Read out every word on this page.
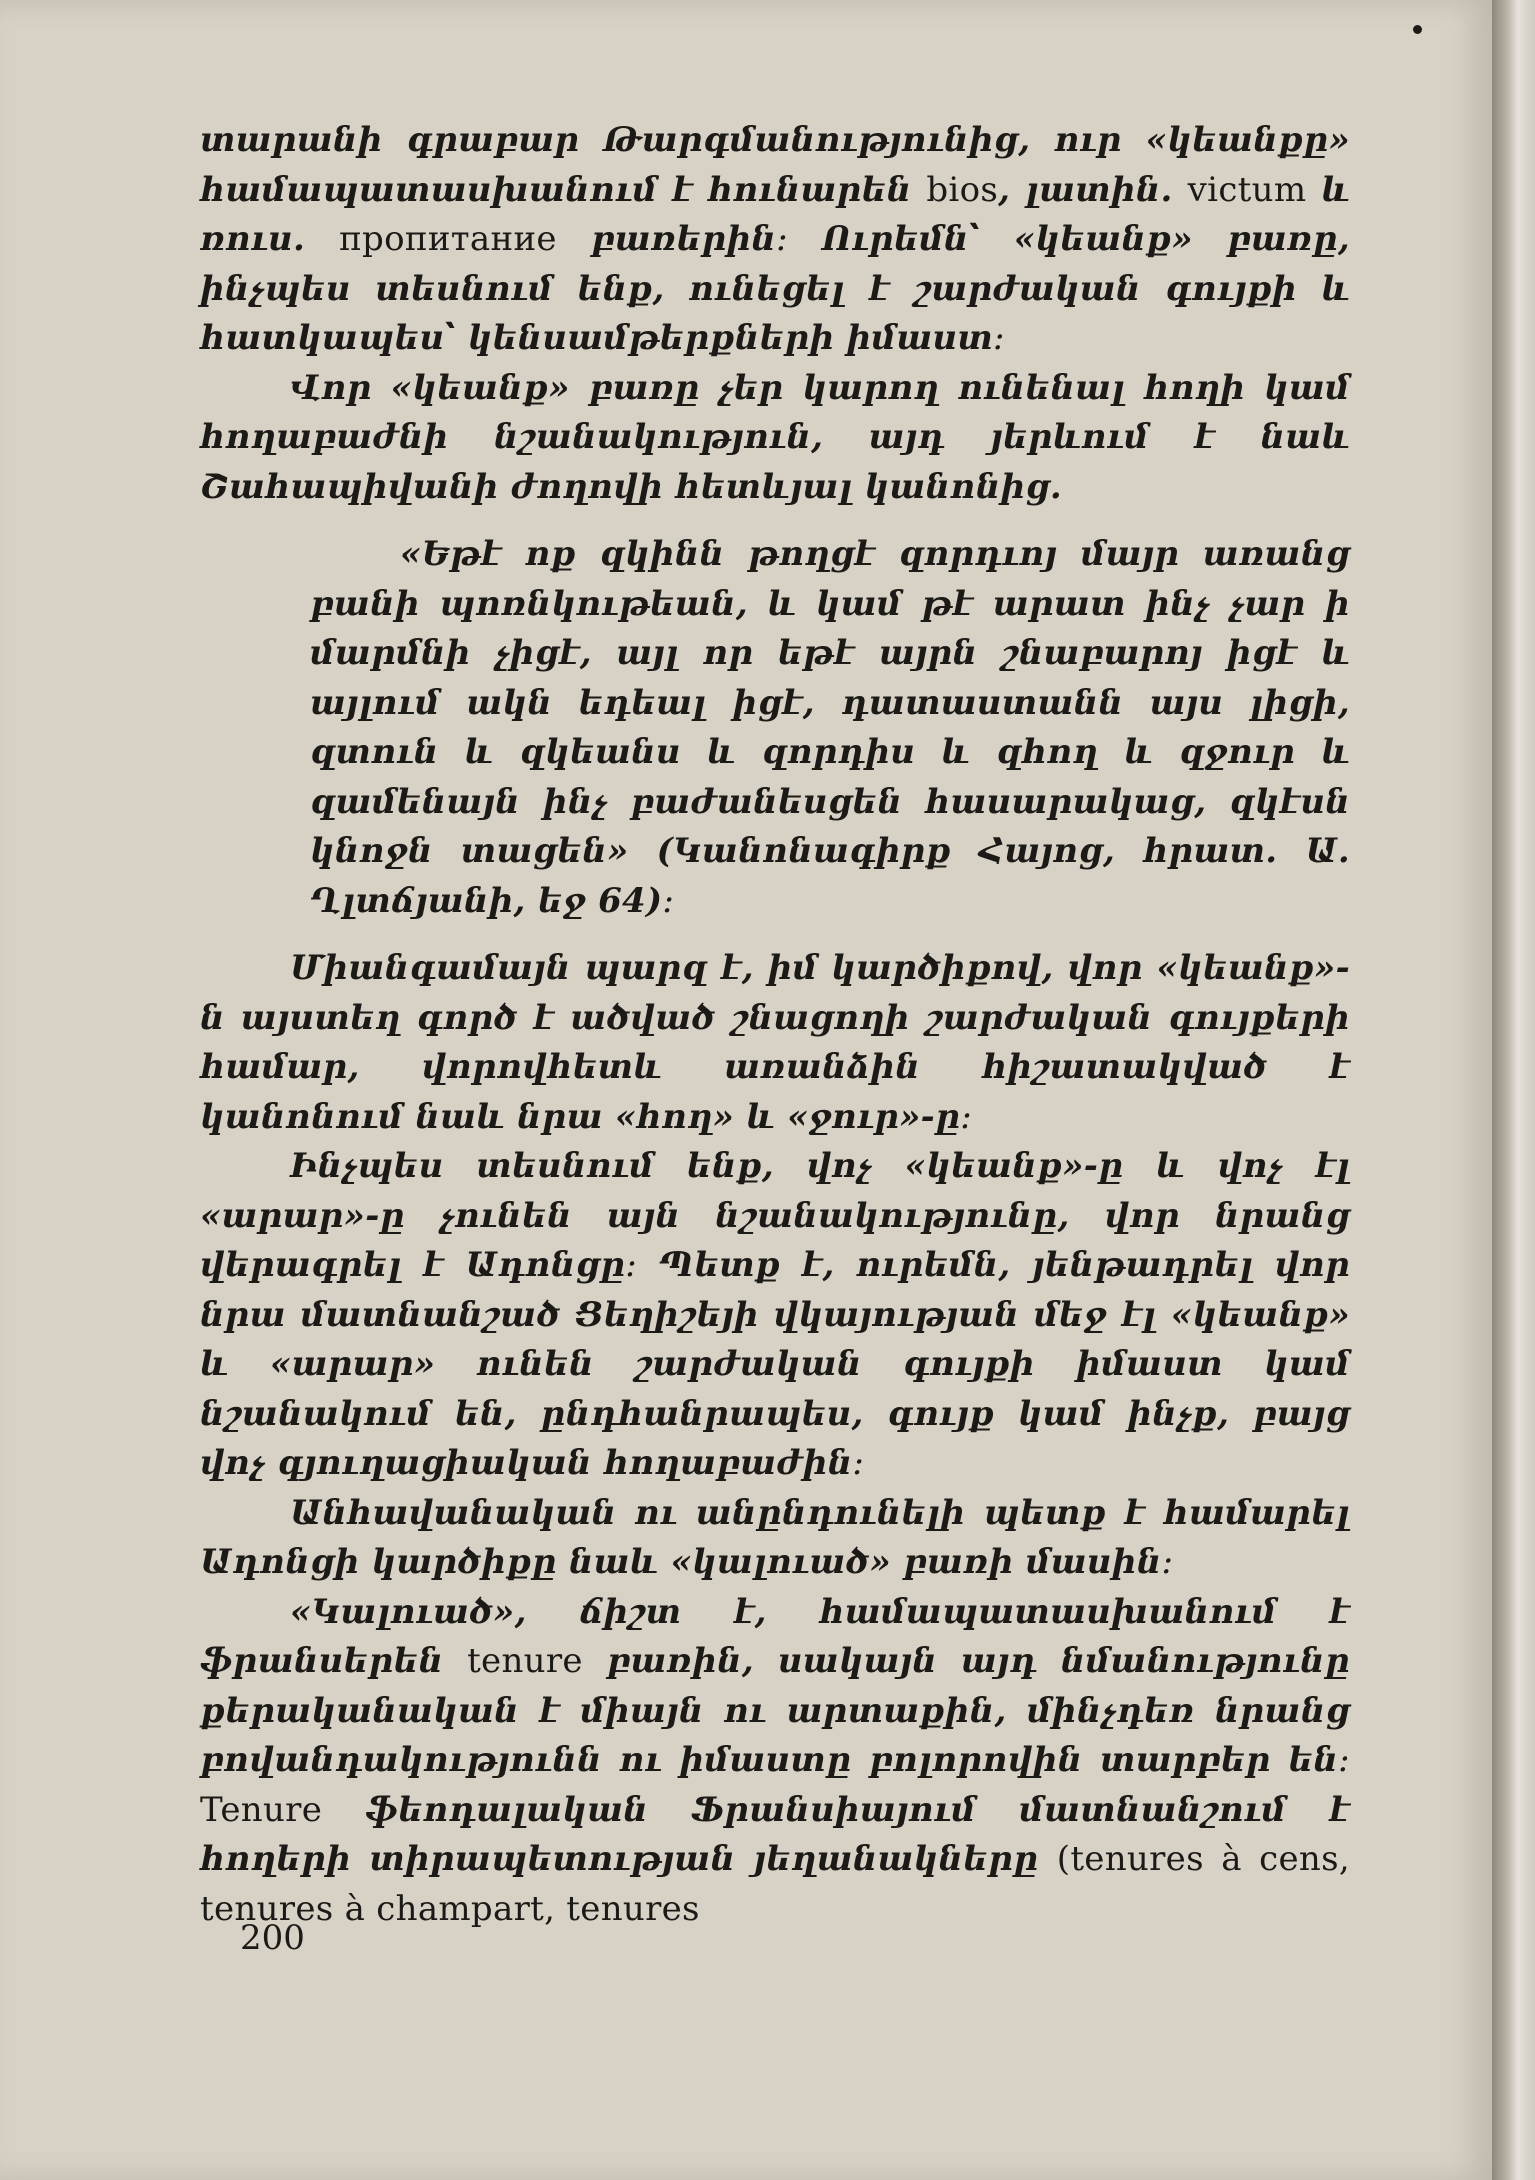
տարանի գրաբար Թարգմանությունից, ուր «կեանքը» համապատասխանում է հունարեն bios, լատին. victum և ռուս. пропитание բառերին։ Ուրեմն՝ «կեանք» բառը, ինչպես տեսնում ենք, ունեցել է շարժական գույքի և հատկապես՝ կենսամթերքների իմաստ։

Վոր «կեանք» բառը չեր կարող ունենալ հողի կամ հողաբաժնի նշանակություն, այդ յերևում է նաև Շահապիվանի ժողովի հետևյալ կանոնից.

«Եթէ ոք զկինն թողցէ զորդւոյ մայր առանց բանի պոռնկութեան, և կամ թէ արատ ինչ չար ի մարմնի չիցէ, այլ որ եթէ այրն շնաբարոյ իցէ և այլում ակն եդեալ իցէ, դատաստանն այս լիցի, զտուն և զկեանս և զորդիս և զհող և զջուր և զամենայն ինչ բաժանեսցեն հասարակաց, զկէսն կնոջն տացեն» (Կանոնագիրք Հայոց, հրատ. Ա. Ղլտճյանի, եջ 64)։

Միանգամայն պարզ է, իմ կարծիքով, վոր «կեանք»-ն այստեղ գործ է ածված շնացողի շարժական գույքերի համար, վորովհետև առանձին հիշատակված է կանոնում նաև նրա «հող» և «ջուր»-ը։

Ինչպես տեսնում ենք, վոչ «կեանք»-ը և վոչ էլ «արար»-ը չունեն այն նշանակությունը, վոր նրանց վերագրել է Ադոնցը։ Պետք է, ուրեմն, յենթադրել վոր նրա մատնանշած Ցեղիշեյի վկայության մեջ էլ «կեանք» և «արար» ունեն շարժական գույքի իմաստ կամ նշանակում են, ընդհանրապես, գույք կամ ինչք, բայց վոչ գյուղացիական հողաբաժին։

Անհավանական ու անընդունելի պետք է համարել Ադոնցի կարծիքը նաև «կալուած» բառի մասին։

«Կալուած», ճիշտ է, համապատասխանում է ֆրանսերեն tenure բառին, սակայն այդ նմանությունը քերականական է միայն ու արտաքին, մինչդեռ նրանց բովանդակությունն ու իմաստը բոլորովին տարբեր են։ Tenure ֆեոդալական Ֆրանսիայում մատնանշում է հողերի տիրապետության յեղանակները (tenures à cens, tenures à champart, tenures

200
